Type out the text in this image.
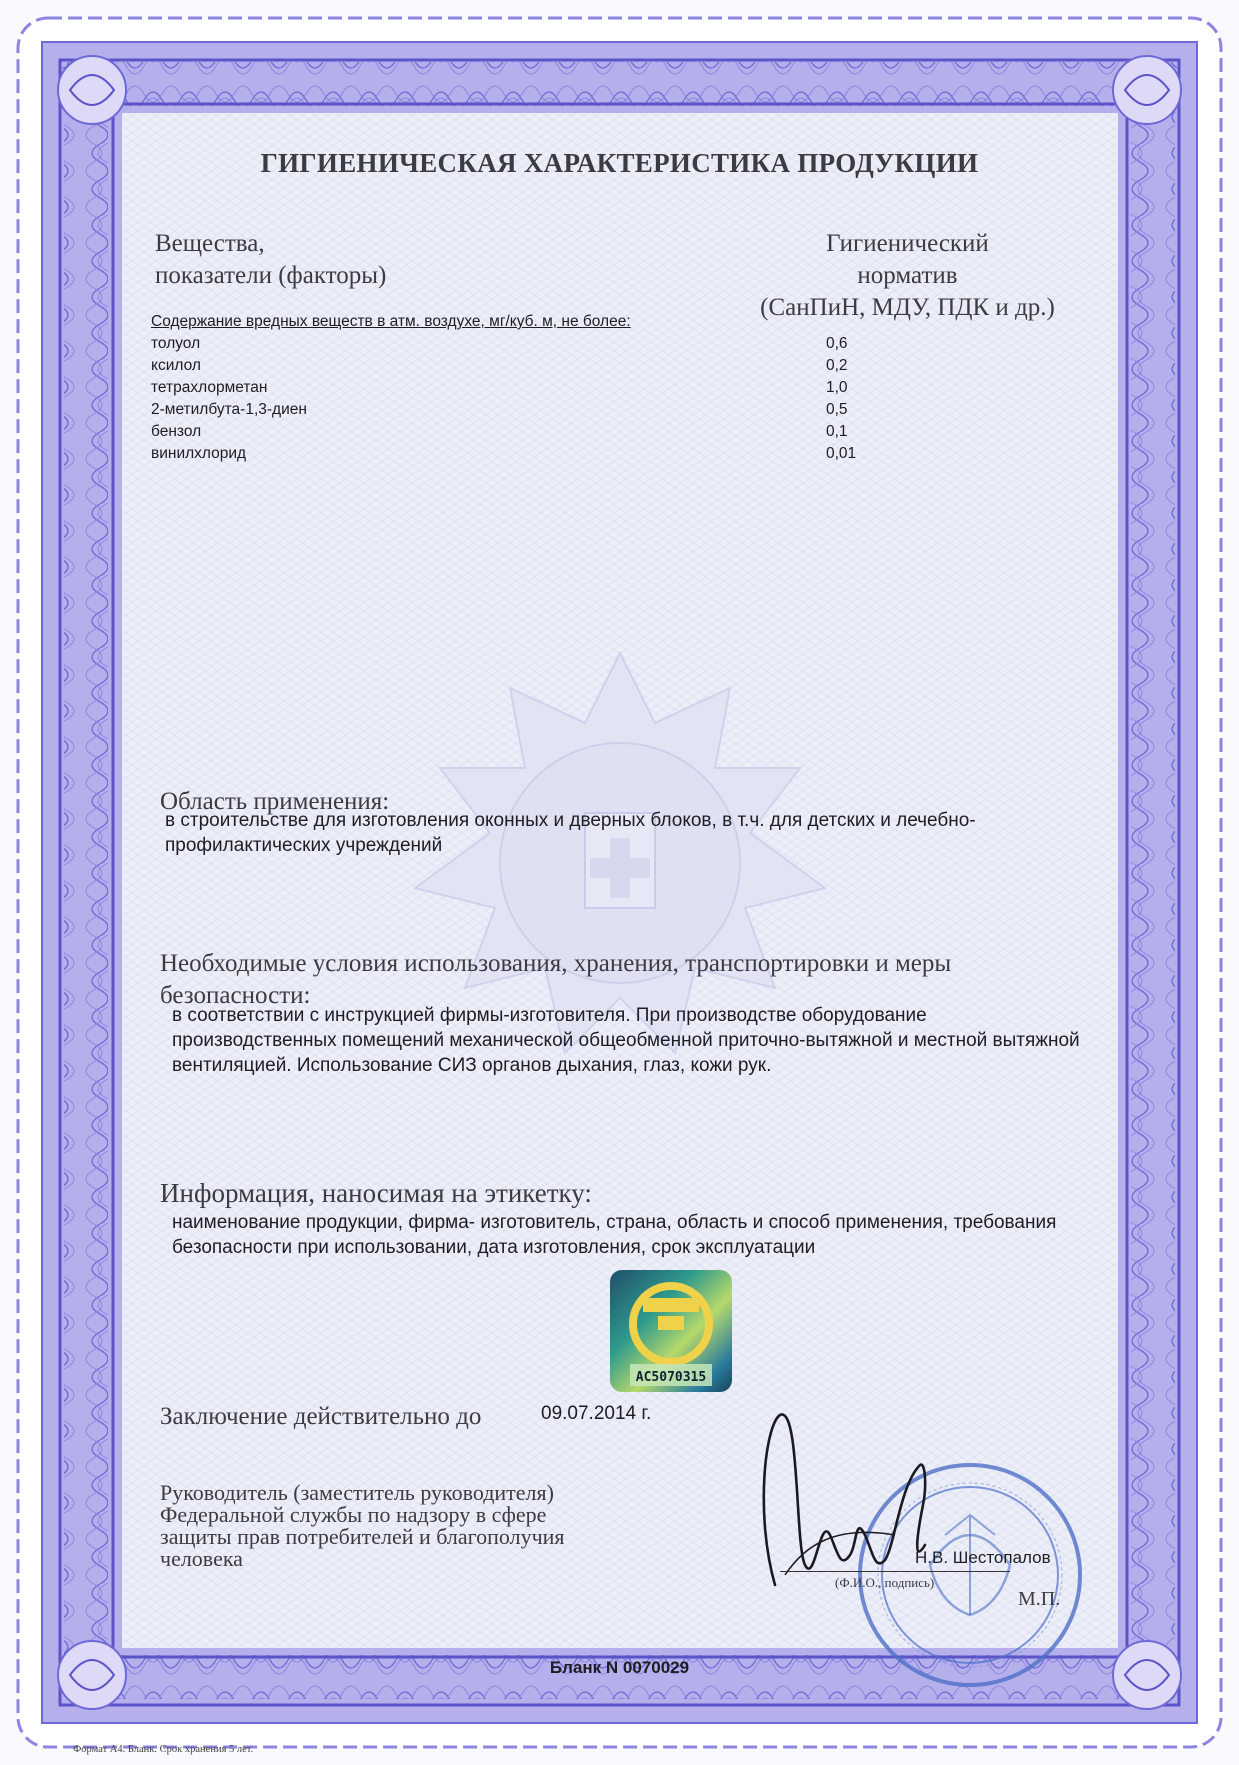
ГИГИЕНИЧЕСКАЯ ХАРАКТЕРИСТИКА ПРОДУКЦИИ
Вещества,
показатели (факторы)
Гигиенический
норматив
(СанПиН, МДУ, ПДК и др.)
Содержание вредных веществ в атм. воздухе, мг/куб. м, не более:
толуол	0,6
ксилол	0,2
тетрахлорметан	1,0
2-метилбута-1,3-диен	0,5
бензол	0,1
винилхлорид	0,01
Область применения:
в строительстве для изготовления оконных и дверных блоков, в т.ч. для детских и лечебно-профилактических учреждений
Необходимые условия использования, хранения, транспортировки и меры
безопасности:
в соответствии с инструкцией фирмы-изготовителя. При производстве оборудование производственных помещений механической общеобменной приточно-вытяжной и местной вытяжной вентиляцией. Использование СИЗ органов дыхания, глаз, кожи рук.
Информация, наносимая на этикетку:
наименование продукции, фирма- изготовитель, страна, область и способ применения, требования безопасности при использовании, дата изготовления, срок эксплуатации
AC5070315
Заключение действительно до	09.07.2014 г.
Руководитель (заместитель руководителя)
Федеральной службы по надзору в сфере
защиты прав потребителей и благополучия
человека	Н.В. Шестопалов
(Ф.И.О., подпись)
М.П.
Бланк N 0070029
Формат А4. Бланк. Срок хранения 5 лет.
